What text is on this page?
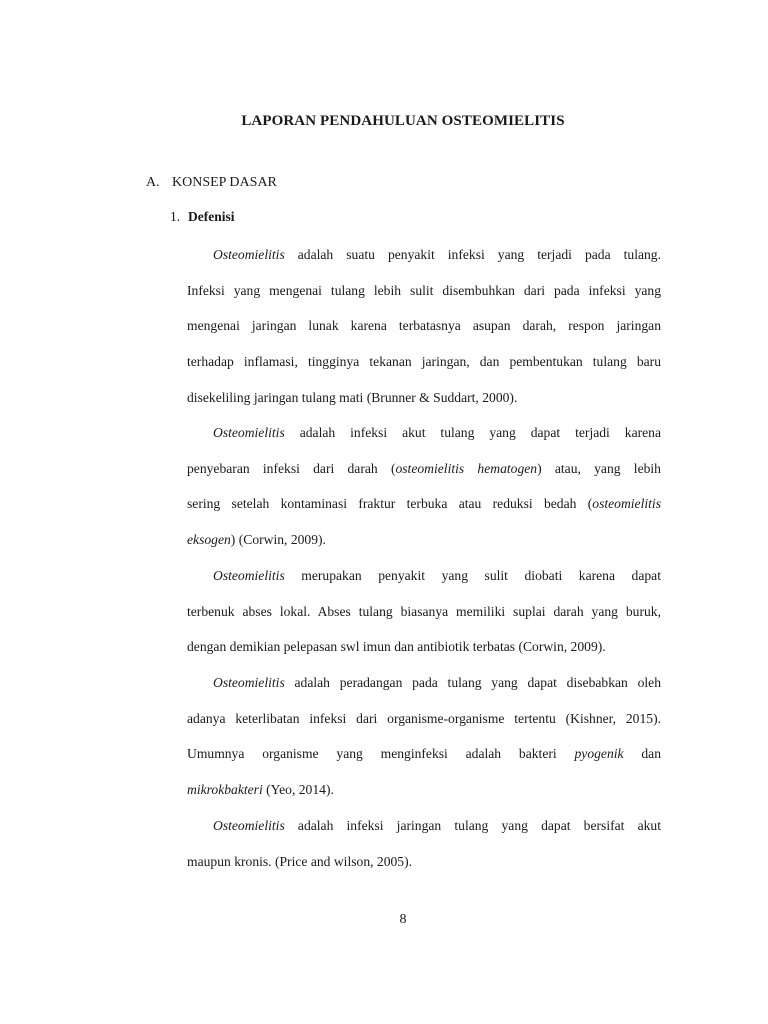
LAPORAN PENDAHULUAN OSTEOMIELITIS
A. KONSEP DASAR
1. Defenisi
Osteomielitis adalah suatu penyakit infeksi yang terjadi pada tulang.
Infeksi yang mengenai tulang lebih sulit disembuhkan dari pada infeksi yang
mengenai jaringan lunak karena terbatasnya asupan darah, respon jaringan
terhadap inflamasi, tingginya tekanan jaringan, dan pembentukan tulang baru
disekeliling jaringan tulang mati (Brunner & Suddart, 2000).
Osteomielitis adalah infeksi akut tulang yang dapat terjadi karena
penyebaran infeksi dari darah (osteomielitis hematogen) atau, yang lebih
sering setelah kontaminasi fraktur terbuka atau reduksi bedah (osteomielitis
eksogen) (Corwin, 2009).
Osteomielitis merupakan penyakit yang sulit diobati karena dapat
terbenuk abses lokal. Abses tulang biasanya memiliki suplai darah yang buruk,
dengan demikian pelepasan swl imun dan antibiotik terbatas (Corwin, 2009).
Osteomielitis adalah peradangan pada tulang yang dapat disebabkan oleh
adanya keterlibatan infeksi dari organisme-organisme tertentu (Kishner, 2015).
Umumnya organisme yang menginfeksi adalah bakteri pyogenik dan
mikrokbakteri (Yeo, 2014).
Osteomielitis adalah infeksi jaringan tulang yang dapat bersifat akut
maupun kronis. (Price and wilson, 2005).
8
